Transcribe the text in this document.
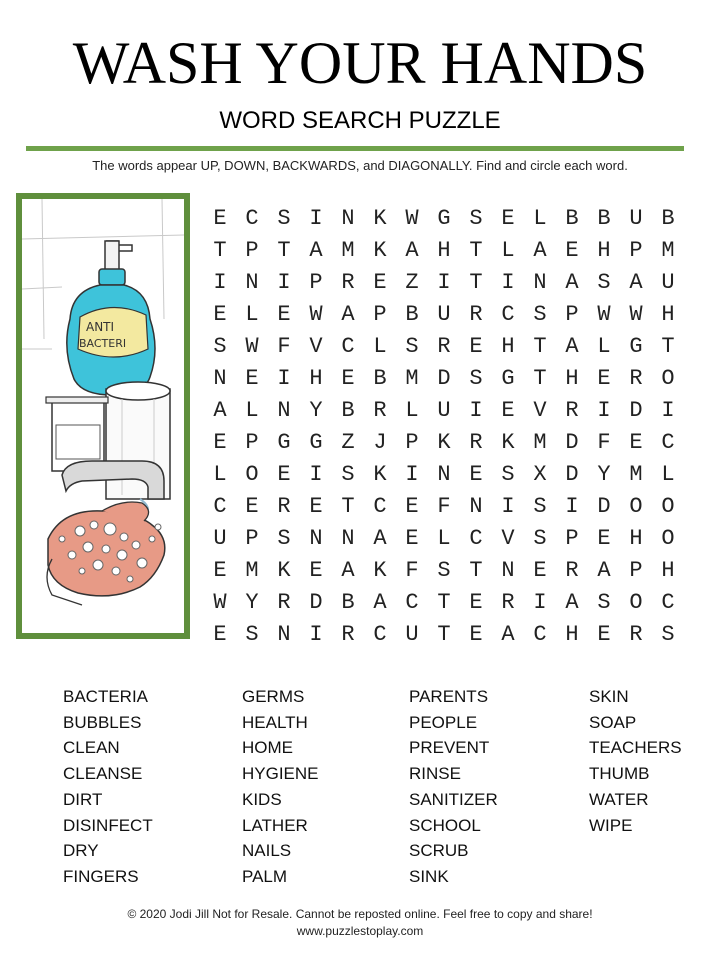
WASH YOUR HANDS
WORD SEARCH PUZZLE
The words appear UP, DOWN, BACKWARDS, and DIAGONALLY. Find and circle each word.
ANTI
BACTERI
E C S I N K W G S E L B B U B
T P T A M K A H T L A E H P M
I N I P R E Z I T I N A S A U
E L E W A P B U R C S P W W H
S W F V C L S R E H T A L G T
N E I H E B M D S G T H E R O
A L N Y B R L U I E V R I D I
E P G G Z J P K R K M D F E C
L O E I S K I N E S X D Y M L
C E R E T C E F N I S I D O O
U P S N N A E L C V S P E H O
E M K E A K F S T N E R A P H
W Y R D B A C T E R I A S O C
E S N I R C U T E A C H E R S
BACTERIA
BUBBLES
CLEAN
CLEANSE
DIRT
DISINFECT
DRY
FINGERS
GERMS
HEALTH
HOME
HYGIENE
KIDS
LATHER
NAILS
PALM
PARENTS
PEOPLE
PREVENT
RINSE
SANITIZER
SCHOOL
SCRUB
SINK
SKIN
SOAP
TEACHERS
THUMB
WATER
WIPE
© 2020 Jodi Jill Not for Resale. Cannot be reposted online. Feel free to copy and share!
www.puzzlestoplay.com
